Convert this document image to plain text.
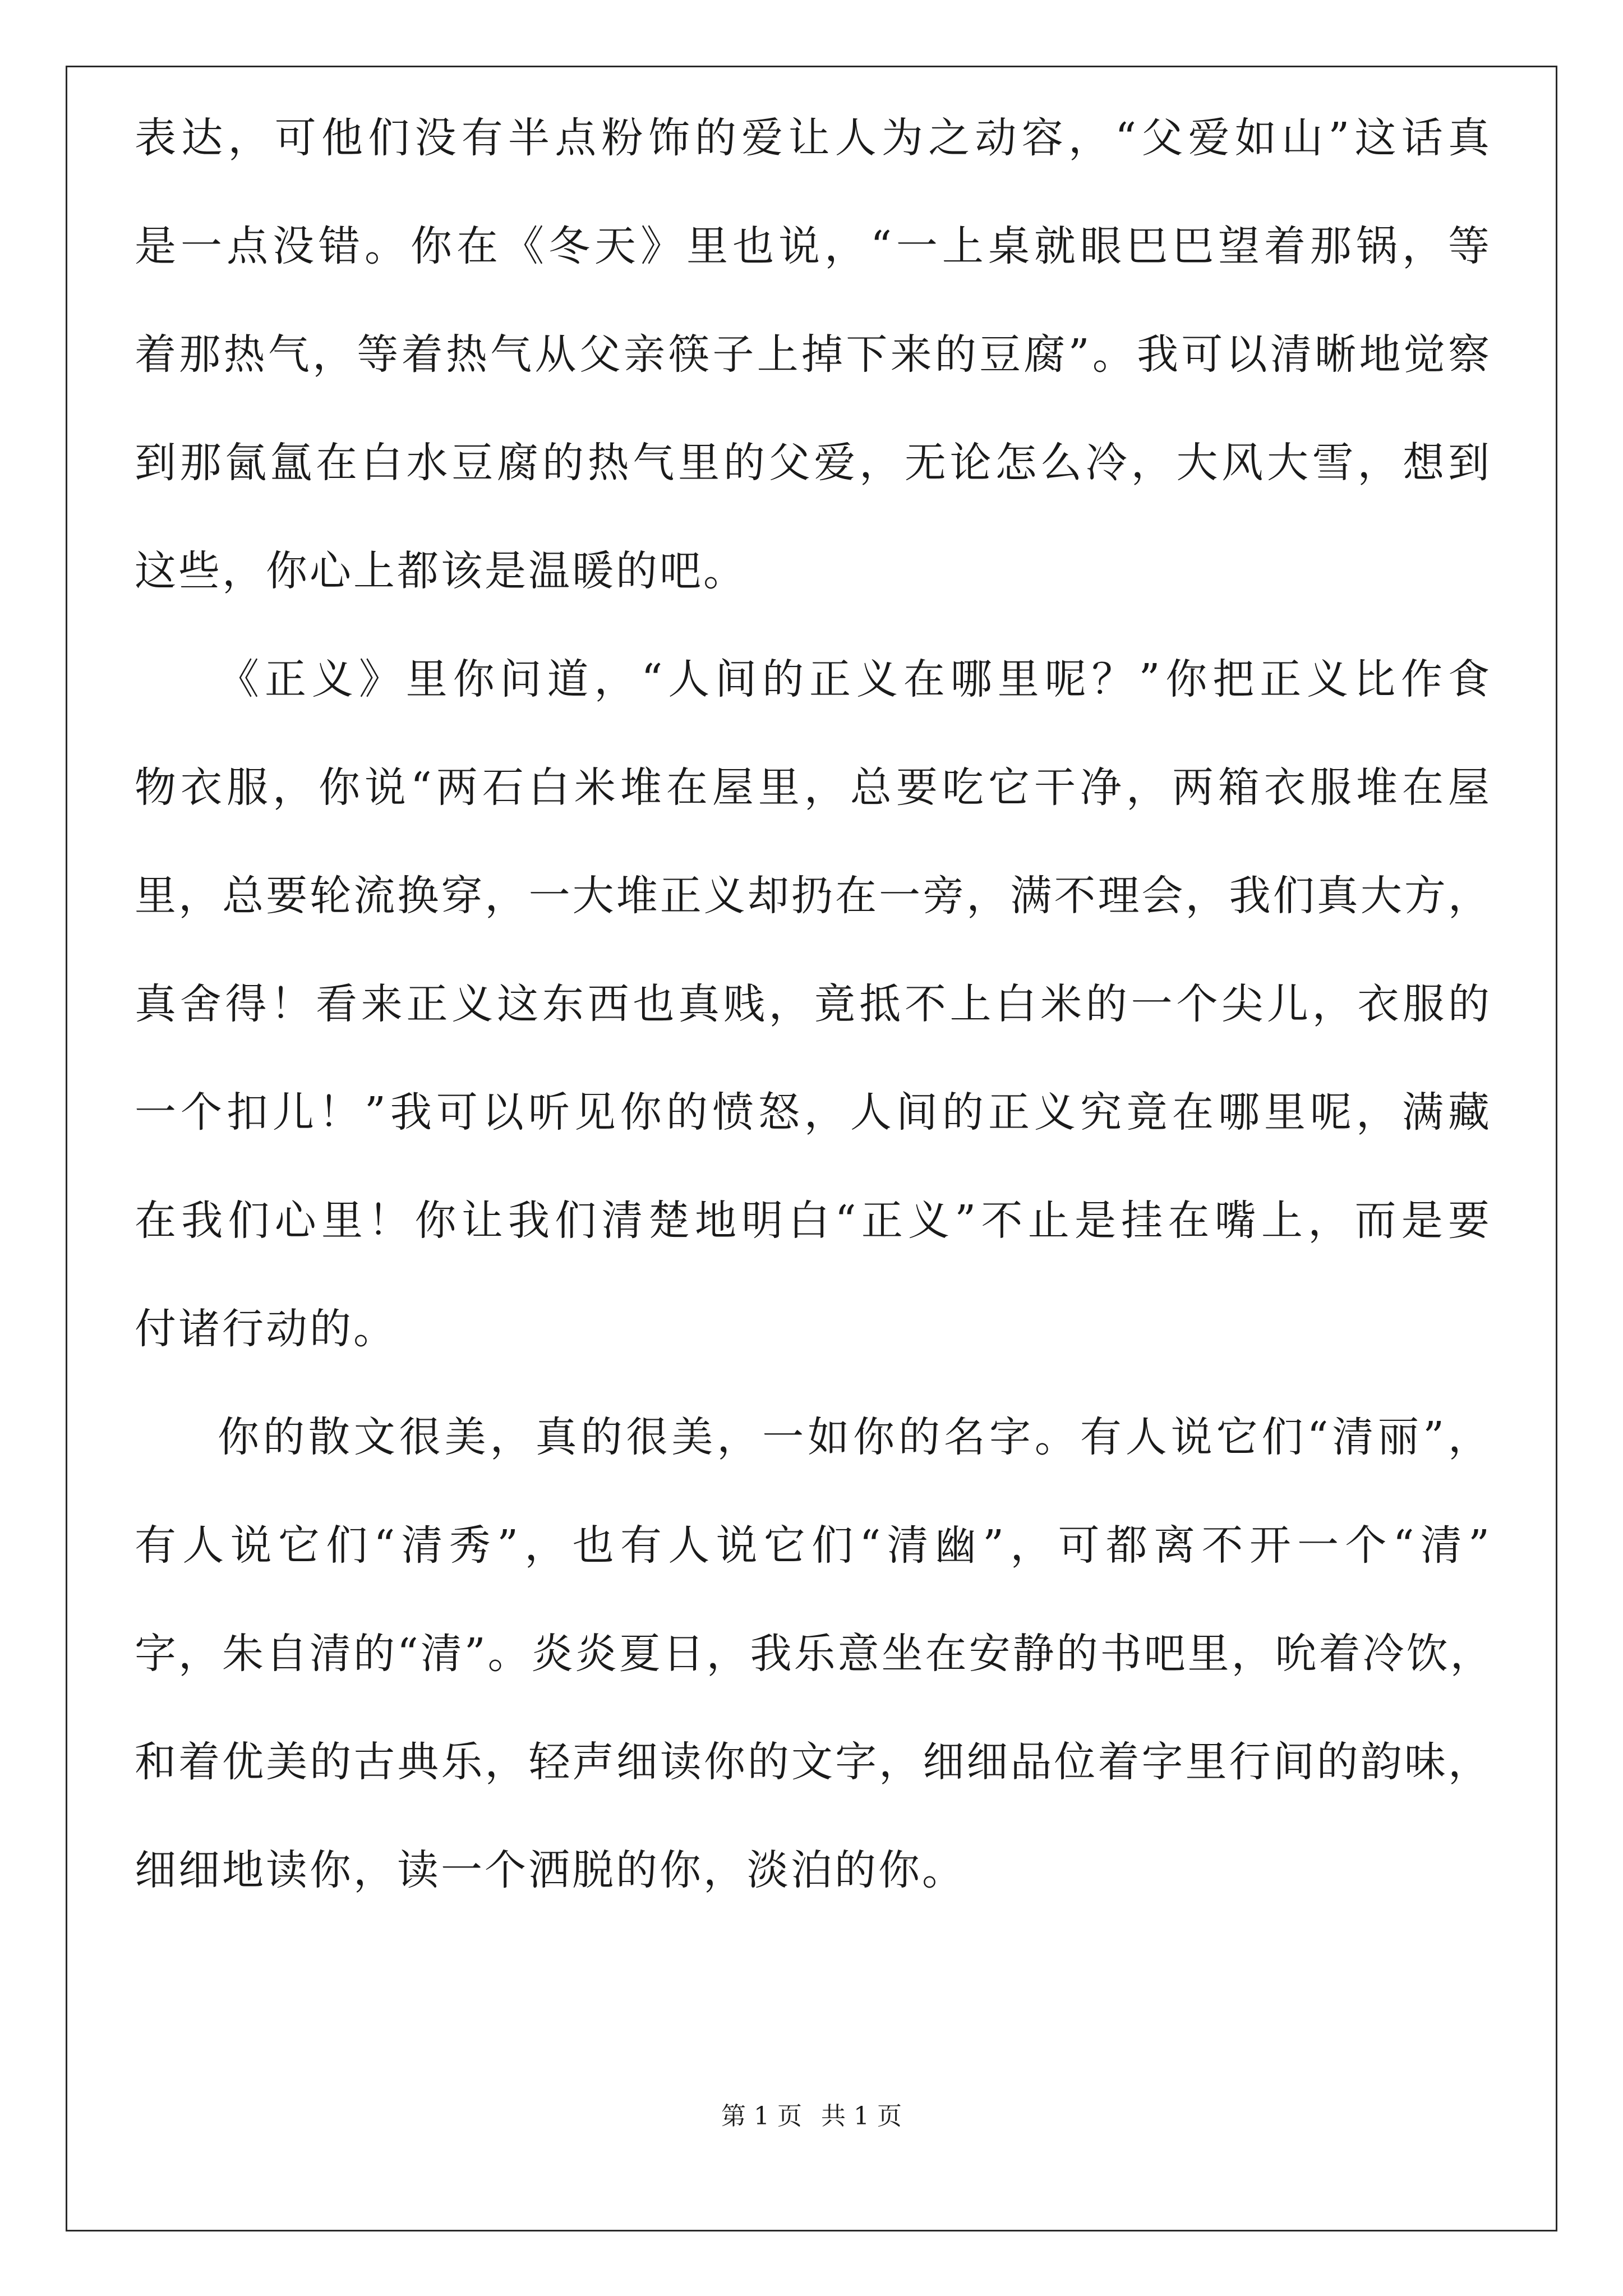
表达，可他们没有半点粉饰的爱让人为之动容，“父爱如山”这话真
是一点没错。你在《冬天》里也说，“一上桌就眼巴巴望着那锅，等
着那热气，等着热气从父亲筷子上掉下来的豆腐”。我可以清晰地觉察
到那氤氲在白水豆腐的热气里的父爱，无论怎么冷，大风大雪，想到
这些，你心上都该是温暖的吧。
《正义》里你问道，“人间的正义在哪里呢？”你把正义比作食
物衣服，你说“两石白米堆在屋里，总要吃它干净，两箱衣服堆在屋
里，总要轮流换穿，一大堆正义却扔在一旁，满不理会，我们真大方，
真舍得！看来正义这东西也真贱，竟抵不上白米的一个尖儿，衣服的
一个扣儿！”我可以听见你的愤怒，人间的正义究竟在哪里呢，满藏
在我们心里！你让我们清楚地明白“正义”不止是挂在嘴上，而是要
付诸行动的。
你的散文很美，真的很美，一如你的名字。有人说它们“清丽”，
有人说它们“清秀”，也有人说它们“清幽”，可都离不开一个“清”
字，朱自清的“清”。炎炎夏日，我乐意坐在安静的书吧里，吮着冷饮，
和着优美的古典乐，轻声细读你的文字，细细品位着字里行间的韵味，
细细地读你，读一个洒脱的你，淡泊的你。
第 1 页 共 1 页
